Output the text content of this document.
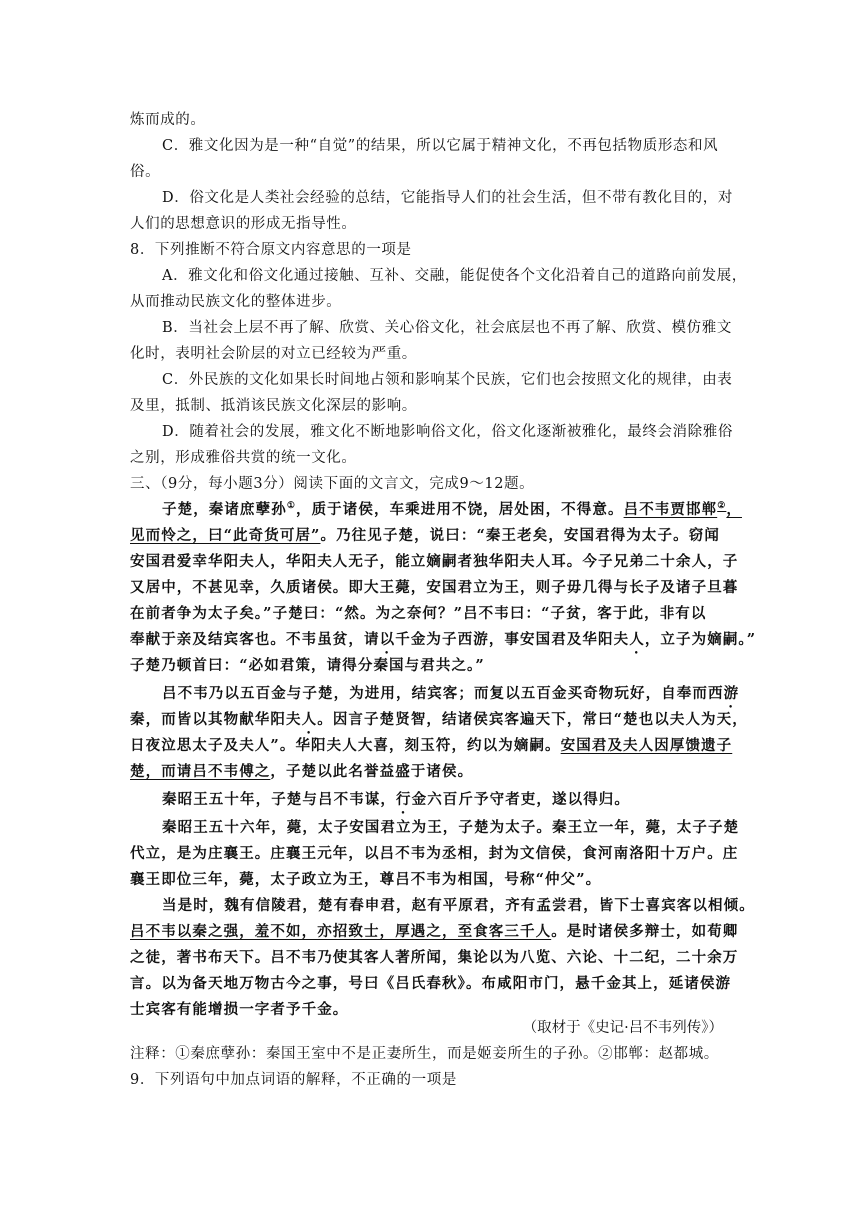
炼而成的。
C．雅文化因为是一种“自觉”的结果，所以它属于精神文化，不再包括物质形态和风
俗。
D．俗文化是人类社会经验的总结，它能指导人们的社会生活，但不带有教化目的，对
人们的思想意识的形成无指导性。
8．下列推断不符合原文内容意思的一项是
A．雅文化和俗文化通过接触、互补、交融，能促使各个文化沿着自己的道路向前发展，
从而推动民族文化的整体进步。
B．当社会上层不再了解、欣赏、关心俗文化，社会底层也不再了解、欣赏、模仿雅文
化时，表明社会阶层的对立已经较为严重。
C．外民族的文化如果长时间地占领和影响某个民族，它们也会按照文化的规律，由表
及里，抵制、抵消该民族文化深层的影响。
D．随着社会的发展，雅文化不断地影响俗文化，俗文化逐渐被雅化，最终会消除雅俗
之别，形成雅俗共赏的统一文化。
三、（9分，每小题3分）阅读下面的文言文，完成9～12题。
子楚，秦诸庶孽孙①，质于诸侯，车乘进用不饶，居处困，不得意。吕不韦贾邯郸②，
见而怜之，曰“此奇货可居”。乃往见子楚，说曰：“秦王老矣，安国君得为太子。窃闻
安国君爱幸华阳夫人，华阳夫人无子，能立嫡嗣者独华阳夫人耳。今子兄弟二十余人，子
又居中，不甚见幸，久质诸侯。即大王薨，安国君立为王，则子毋几得与长子及诸子旦暮
在前者争为太子矣。”子楚曰：“然。为之奈何？”吕不韦曰：“子贫，客于此，非有以
奉献于亲及结宾客也。不韦虽贫，请以千金为子西游，事安国君及华阳夫人，立子为嫡嗣。”
子楚乃顿首曰：“必如君策，请得分秦国与君共之。”
吕不韦乃以五百金与子楚，为进用，结宾客；而复以五百金买奇物玩好，自奉而西游
秦，而皆以其物献华阳夫人。因言子楚贤智，结诸侯宾客遍天下，常曰“楚也以夫人为天，
日夜泣思太子及夫人”。华阳夫人大喜，刻玉符，约以为嫡嗣。安国君及夫人因厚馈遗子
楚，而请吕不韦傅之，子楚以此名誉益盛于诸侯。
秦昭王五十年，子楚与吕不韦谋，行金六百斤予守者吏，遂以得归。
秦昭王五十六年，薨，太子安国君立为王，子楚为太子。秦王立一年，薨，太子子楚
代立，是为庄襄王。庄襄王元年，以吕不韦为丞相，封为文信侯，食河南洛阳十万户。庄
襄王即位三年，薨，太子政立为王，尊吕不韦为相国，号称“仲父”。
当是时，魏有信陵君，楚有春申君，赵有平原君，齐有孟尝君，皆下士喜宾客以相倾。
吕不韦以秦之强，羞不如，亦招致士，厚遇之，至食客三千人。是时诸侯多辩士，如荀卿
之徒，著书布天下。吕不韦乃使其客人著所闻，集论以为八览、六论、十二纪，二十余万
言。以为备天地万物古今之事，号曰《吕氏春秋》。布咸阳市门，悬千金其上，延诸侯游
士宾客有能增损一字者予千金。
（取材于《史记·吕不韦列传》）
注释：①秦庶孽孙：秦国王室中不是正妻所生，而是姬妾所生的子孙。②邯郸：赵都城。
9．下列语句中加点词语的解释，不正确的一项是
